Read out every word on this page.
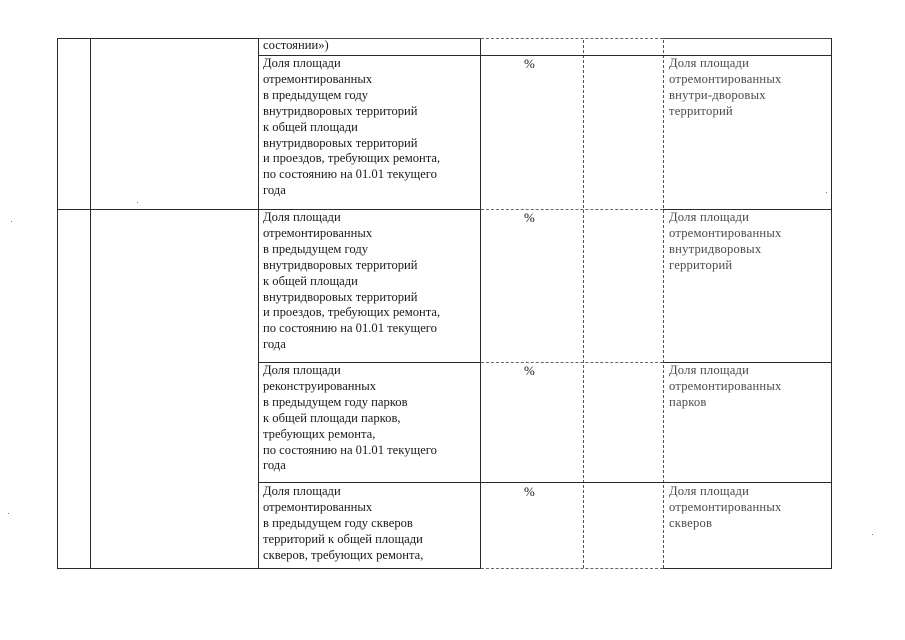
состоянии»)

Доля площади
отремонтированных
в предыдущем году
внутридворовых территорий
к общей площади
внутридворовых территорий
и проездов, требующих ремонта,
по состоянию на 01.01 текущего
года

%	Доля площади
отремонтированных
внутри-дворовых
территорий

Доля площади
отремонтированных
в предыдущем году
внутридворовых территорий
к общей площади
внутридворовых территорий
и проездов, требующих ремонта,
по состоянию на 01.01 текущего
года

%	Доля площади
отремонтированных
внутридворовых
герриторий

Доля площади
реконструированных
в предыдущем году парков
к общей площади парков,
требующих ремонта,
по состоянию на 01.01 текущего
года

%	Доля площади
отремонтированных
парков

Доля площади
отремонтированных
в предыдущем году скверов
территорий к общей площади
скверов, требующих ремонта,

%	Доля площади
отремонтированных
скверов
